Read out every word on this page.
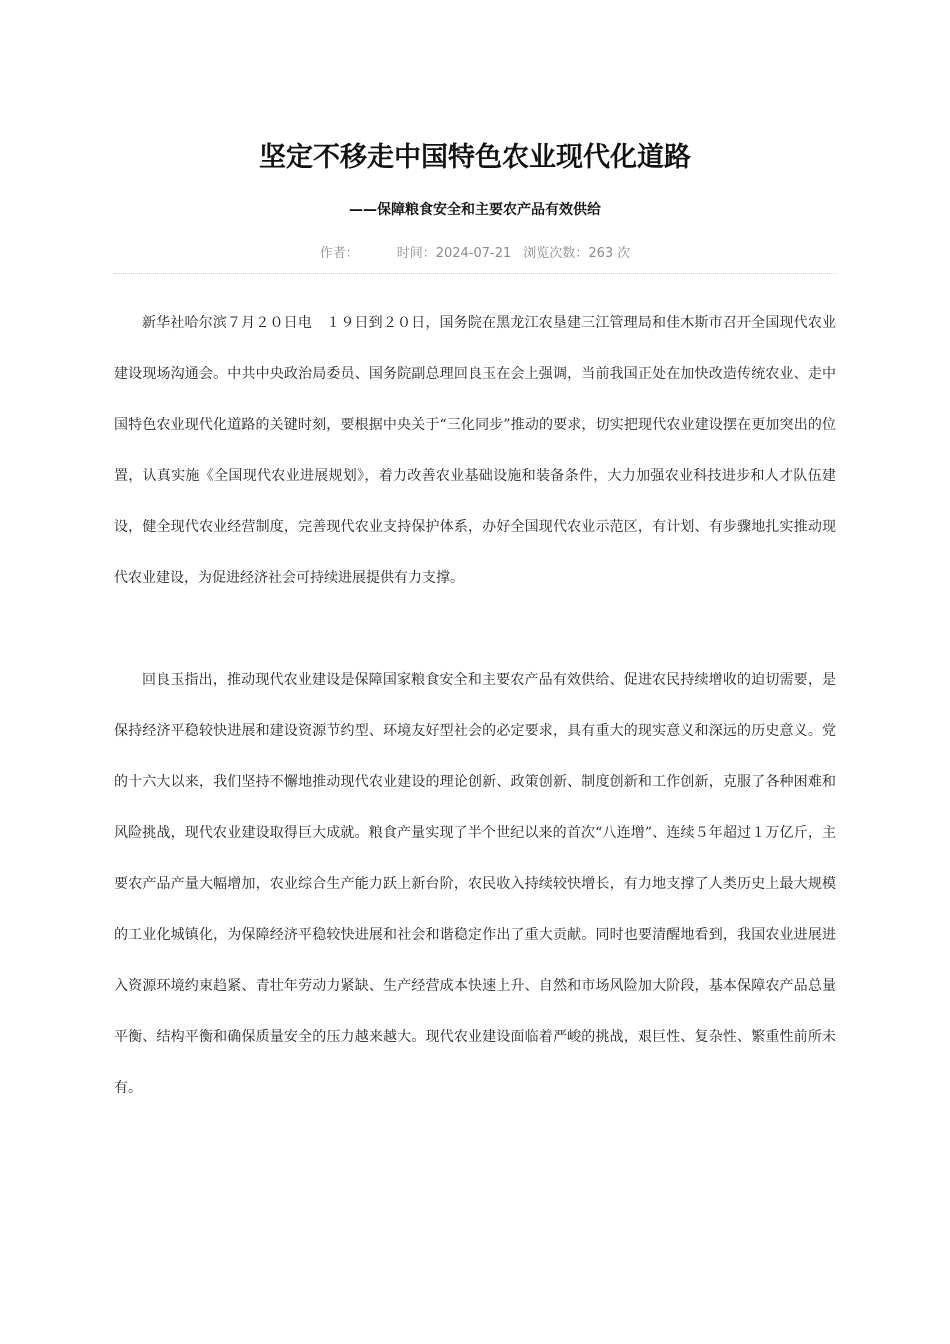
坚定不移走中国特色农业现代化道路
——保障粮食安全和主要农产品有效供给
作者：	时间：2024-07-21 浏览次数：263 次

新华社哈尔滨７月２０日电　１９日到２０日，国务院在黑龙江农垦建三江管理局和佳木斯市召开全国现代农业建设现场沟通会。中共中央政治局委员、国务院副总理回良玉在会上强调，当前我国正处在加快改造传统农业、走中国特色农业现代化道路的关键时刻，要根据中央关于“三化同步”推动的要求，切实把现代农业建设摆在更加突出的位置，认真实施《全国现代农业进展规划》，着力改善农业基础设施和装备条件，大力加强农业科技进步和人才队伍建设，健全现代农业经营制度，完善现代农业支持保护体系，办好全国现代农业示范区，有计划、有步骤地扎实推动现代农业建设，为促进经济社会可持续进展提供有力支撑。

回良玉指出，推动现代农业建设是保障国家粮食安全和主要农产品有效供给、促进农民持续增收的迫切需要，是保持经济平稳较快进展和建设资源节约型、环境友好型社会的必定要求，具有重大的现实意义和深远的历史意义。党的十六大以来，我们坚持不懈地推动现代农业建设的理论创新、政策创新、制度创新和工作创新，克服了各种困难和风险挑战，现代农业建设取得巨大成就。粮食产量实现了半个世纪以来的首次“八连增”、连续５年超过１万亿斤，主要农产品产量大幅增加，农业综合生产能力跃上新台阶，农民收入持续较快增长，有力地支撑了人类历史上最大规模的工业化城镇化，为保障经济平稳较快进展和社会和谐稳定作出了重大贡献。同时也要清醒地看到，我国农业进展进入资源环境约束趋紧、青壮年劳动力紧缺、生产经营成本快速上升、自然和市场风险加大阶段，基本保障农产品总量平衡、结构平衡和确保质量安全的压力越来越大。现代农业建设面临着严峻的挑战，艰巨性、复杂性、繁重性前所未有。
